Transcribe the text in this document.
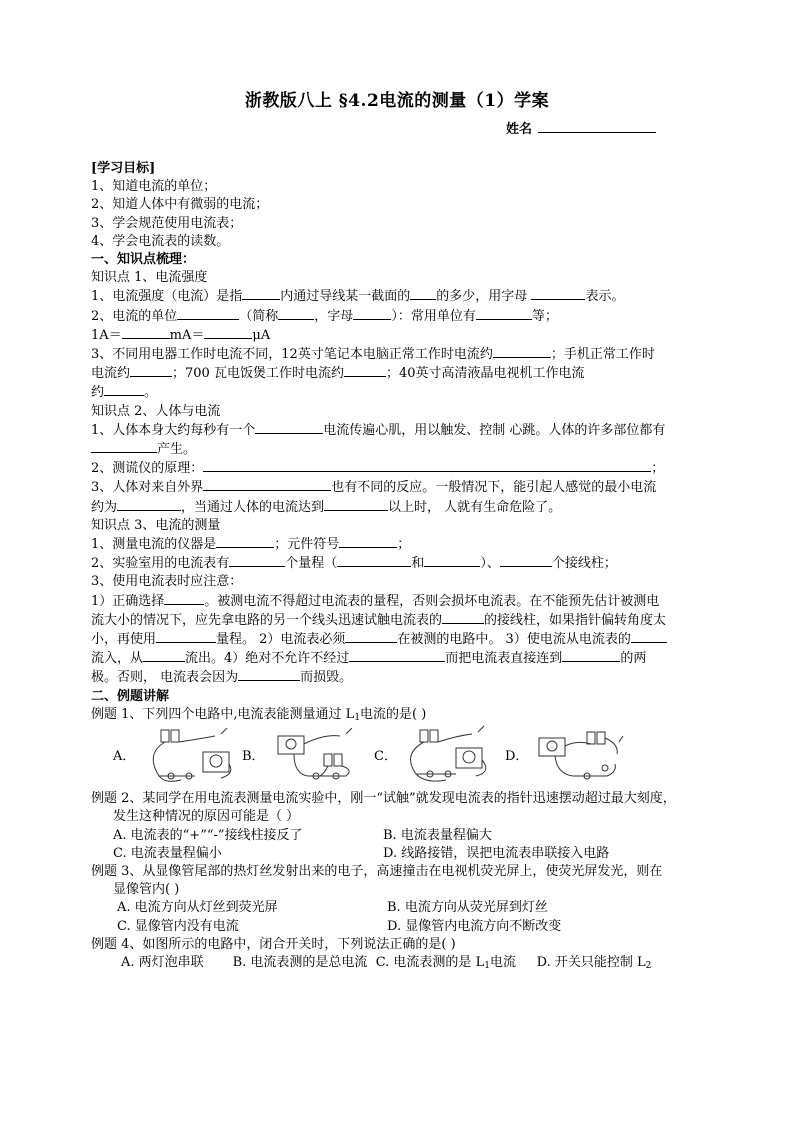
浙教版八上 §4.2电流的测量（1）学案
姓名
[学习目标]
1、知道电流的单位；
2、知道人体中有微弱的电流；
3、学会规范使用电流表；
4、学会电流表的读数。
一、知识点梳理：
知识点 1、电流强度
1、电流强度（电流）是指	内通过导线某一截面的 的多少，用字母	表示。
2、电流的单位	（简称	，字母	）：常用单位有	等；
1A＝	mA＝	μA
3、不同用电器工作时电流不同，12英寸笔记本电脑正常工作时电流约	；手机正常工作时
电流约	；700 瓦电饭煲工作时电流约	；40英寸高清液晶电视机工作电流
约	。
知识点 2、人体与电流
1、人体本身大约每秒有一个	电流传遍心肌，用以触发、控制 心跳。人体的许多部位都有
产生。
2、测谎仪的原理：	；
3、人体对来自外界	也有不同的反应。一般情况下，能引起人感觉的最小电流
约为	，当通过人体的电流达到	以上时， 人就有生命危险了。
知识点 3、电流的测量
1、测量电流的仪器是	；元件符号	；
2、实验室用的电流表有	个量程（	和	）、	个接线柱；
3、使用电流表时应注意：
1）正确选择	。被测电流不得超过电流表的量程，否则会损坏电流表。在不能预先估计被测电
流大小的情况下，应先拿电路的另一个线头迅速试触电流表的	的接线柱，如果指针偏转角度太
小，再使用	量程。 2）电流表必须	在被测的电路中。 3）使电流从电流表的
流入，从	流出。4）绝对不允许不经过	而把电流表直接连到	的两
极。否则， 电流表会因为	而损毁。
二、例题讲解
例题 1、下列四个电路中,电流表能测量通过 $L_1$电流的是( )
A．	B．	C．	D．
例题 2、某同学在用电流表测量电流实验中，刚一“试触”就发现电流表的指针迅速摆动超过最大刻度，
发生这种情况的原因可能是（ ）
A. 电流表的“+”“-”接线柱接反了	B. 电流表量程偏大
C. 电流表量程偏小	D. 线路接错，误把电流表串联接入电路
例题 3、从显像管尾部的热灯丝发射出来的电子，高速撞击在电视机荧光屏上，使荧光屏发光，则在
显像管内( )
A. 电流方向从灯丝到荧光屏	B. 电流方向从荧光屏到灯丝
C. 显像管内没有电流	D. 显像管内电流方向不断改变
例题 4、如图所示的电路中，闭合开关时，下列说法正确的是( )
A. 两灯泡串联 B. 电流表测的是总电流 C. 电流表测的是 $L_1$电流 D. 开关只能控制 $L_2$
